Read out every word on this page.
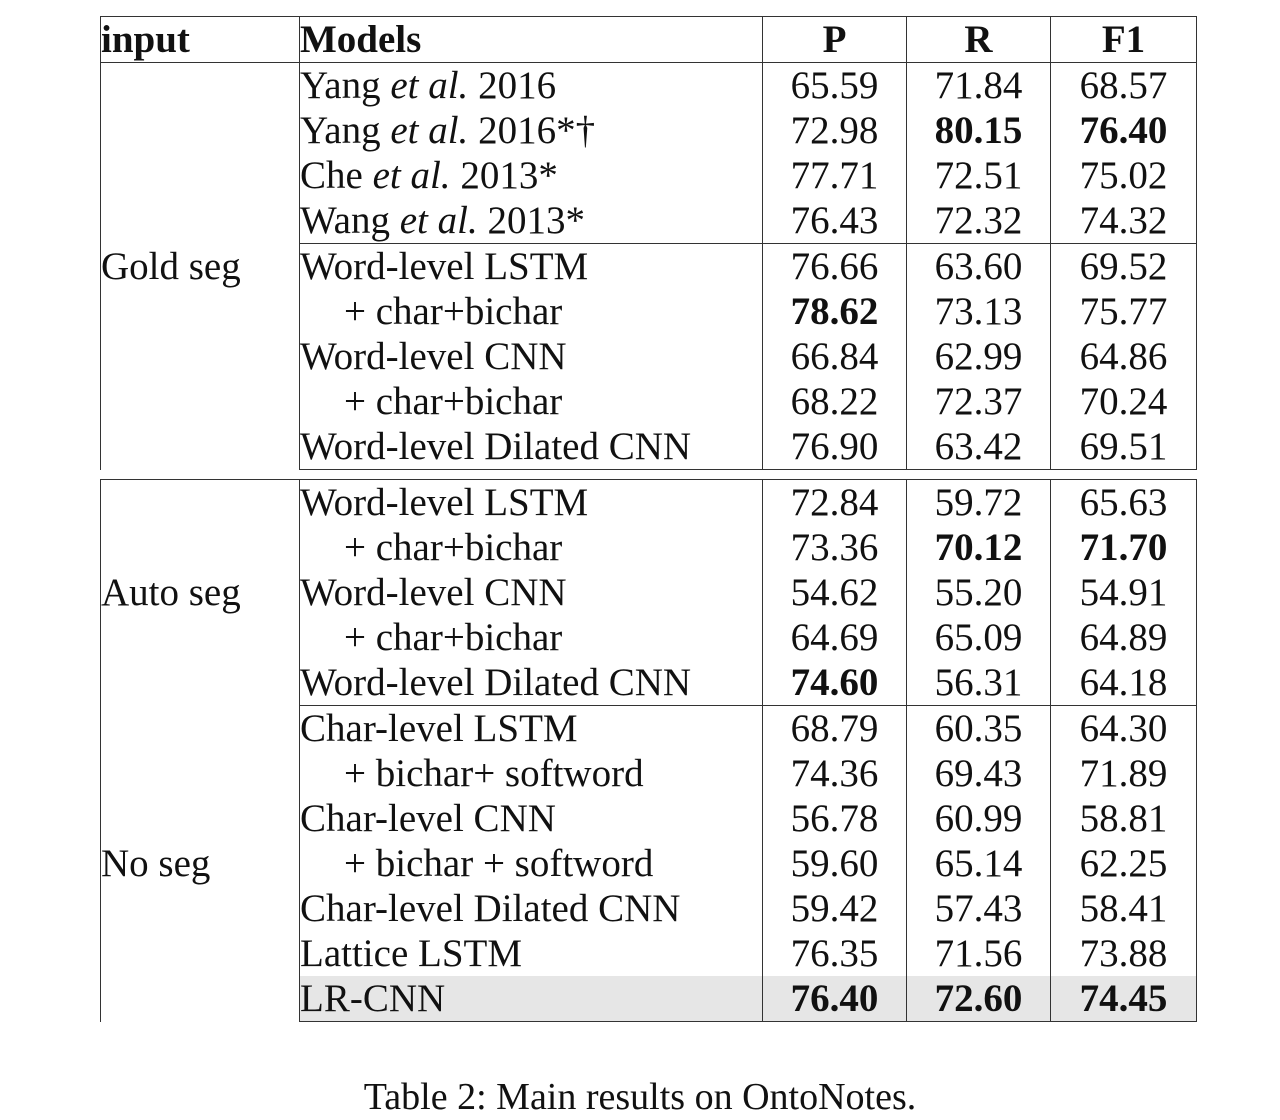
input	Models	P	R	F1
Gold seg	Yang et al. 2016	65.59	71.84	68.57
	Yang et al. 2016*†	72.98	80.15	76.40
	Che et al. 2013*	77.71	72.51	75.02
	Wang et al. 2013*	76.43	72.32	74.32
	Word-level LSTM	76.66	63.60	69.52
	+ char+bichar	78.62	73.13	75.77
	Word-level CNN	66.84	62.99	64.86
	+ char+bichar	68.22	72.37	70.24
	Word-level Dilated CNN	76.90	63.42	69.51

Auto seg	Word-level LSTM	72.84	59.72	65.63
	+ char+bichar	73.36	70.12	71.70
	Word-level CNN	54.62	55.20	54.91
	+ char+bichar	64.69	65.09	64.89
	Word-level Dilated CNN	74.60	56.31	64.18
No seg	Char-level LSTM	68.79	60.35	64.30
	+ bichar+ softword	74.36	69.43	71.89
	Char-level CNN	56.78	60.99	58.81
	+ bichar + softword	59.60	65.14	62.25
	Char-level Dilated CNN	59.42	57.43	58.41
	Lattice LSTM	76.35	71.56	73.88
	LR-CNN	76.40	72.60	74.45
Table 2: Main results on OntoNotes.
